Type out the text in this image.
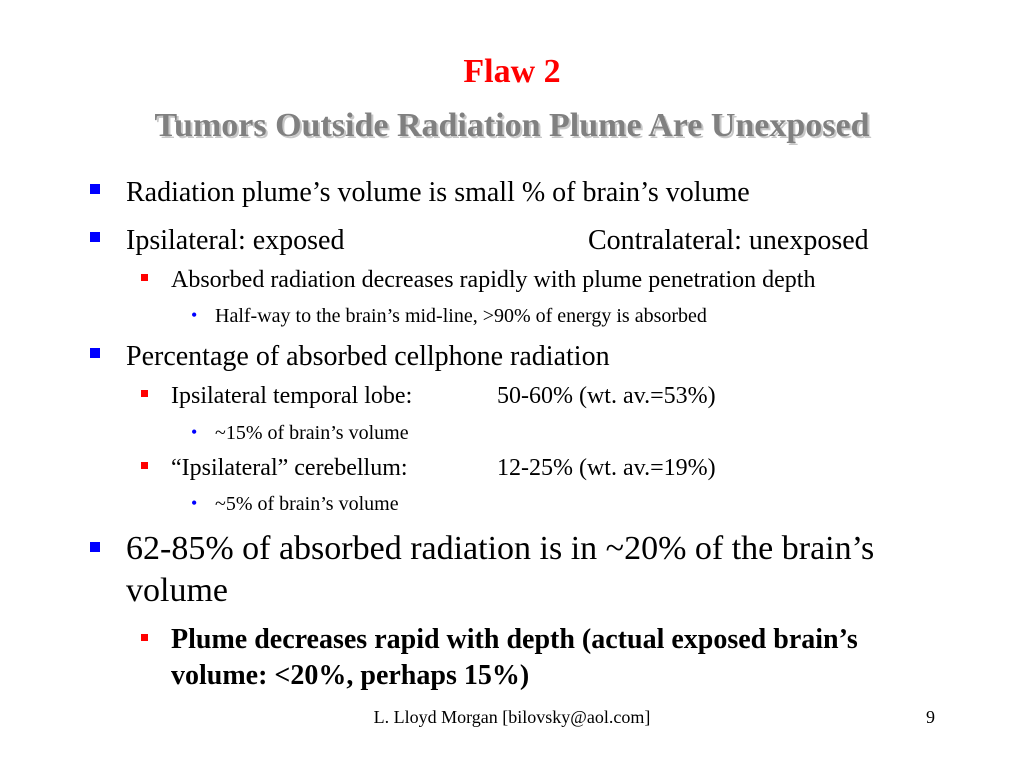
Flaw 2
Tumors Outside Radiation Plume Are Unexposed
Radiation plume’s volume is small % of brain’s volume
Ipsilateral: exposed	Contralateral: unexposed
Absorbed radiation decreases rapidly with plume penetration depth
• Half-way to the brain’s mid-line, >90% of energy is absorbed
Percentage of absorbed cellphone radiation
Ipsilateral temporal lobe:	50-60% (wt. av.=53%)
• ~15% of brain’s volume
“Ipsilateral” cerebellum:	12-25% (wt. av.=19%)
• ~5% of brain’s volume
62-85% of absorbed radiation is in ~20% of the brain’s volume
Plume decreases rapid with depth (actual exposed brain’s volume: <20%, perhaps 15%)
L. Lloyd Morgan [bilovsky@aol.com]	9
